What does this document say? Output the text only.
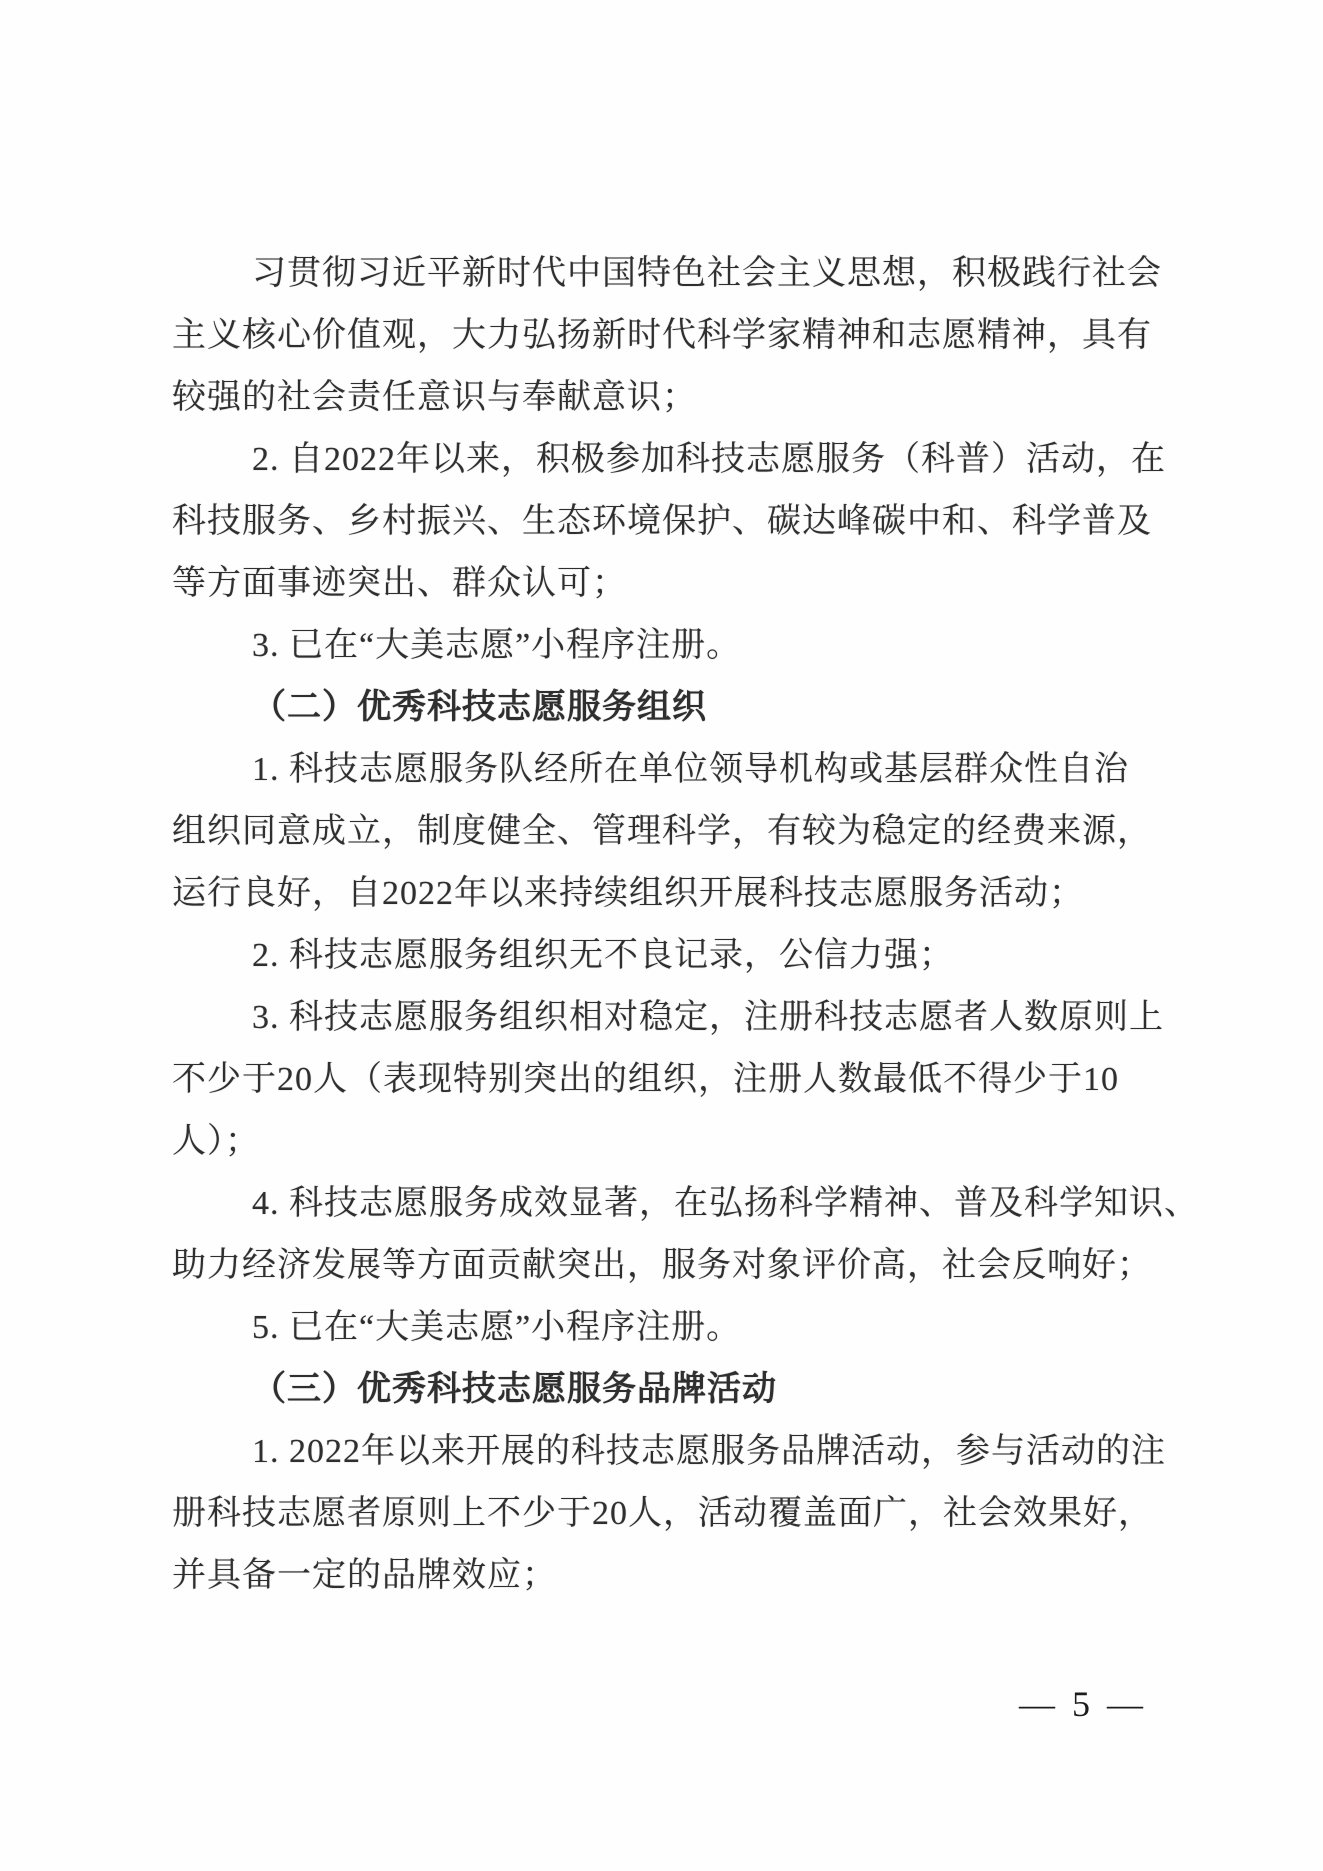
习贯彻习近平新时代中国特色社会主义思想，积极践行社会
主义核心价值观，大力弘扬新时代科学家精神和志愿精神，具有
较强的社会责任意识与奉献意识；
2. 自2022年以来，积极参加科技志愿服务（科普）活动，在
科技服务、乡村振兴、生态环境保护、碳达峰碳中和、科学普及
等方面事迹突出、群众认可；
3. 已在“大美志愿”小程序注册。
（二）优秀科技志愿服务组织
1. 科技志愿服务队经所在单位领导机构或基层群众性自治
组织同意成立，制度健全、管理科学，有较为稳定的经费来源，
运行良好，自2022年以来持续组织开展科技志愿服务活动；
2. 科技志愿服务组织无不良记录，公信力强；
3. 科技志愿服务组织相对稳定，注册科技志愿者人数原则上
不少于20人（表现特别突出的组织，注册人数最低不得少于10
人）；
4. 科技志愿服务成效显著，在弘扬科学精神、普及科学知识、
助力经济发展等方面贡献突出，服务对象评价高，社会反响好；
5. 已在“大美志愿”小程序注册。
（三）优秀科技志愿服务品牌活动
1. 2022年以来开展的科技志愿服务品牌活动，参与活动的注
册科技志愿者原则上不少于20人，活动覆盖面广，社会效果好，
并具备一定的品牌效应；
— 5 —
